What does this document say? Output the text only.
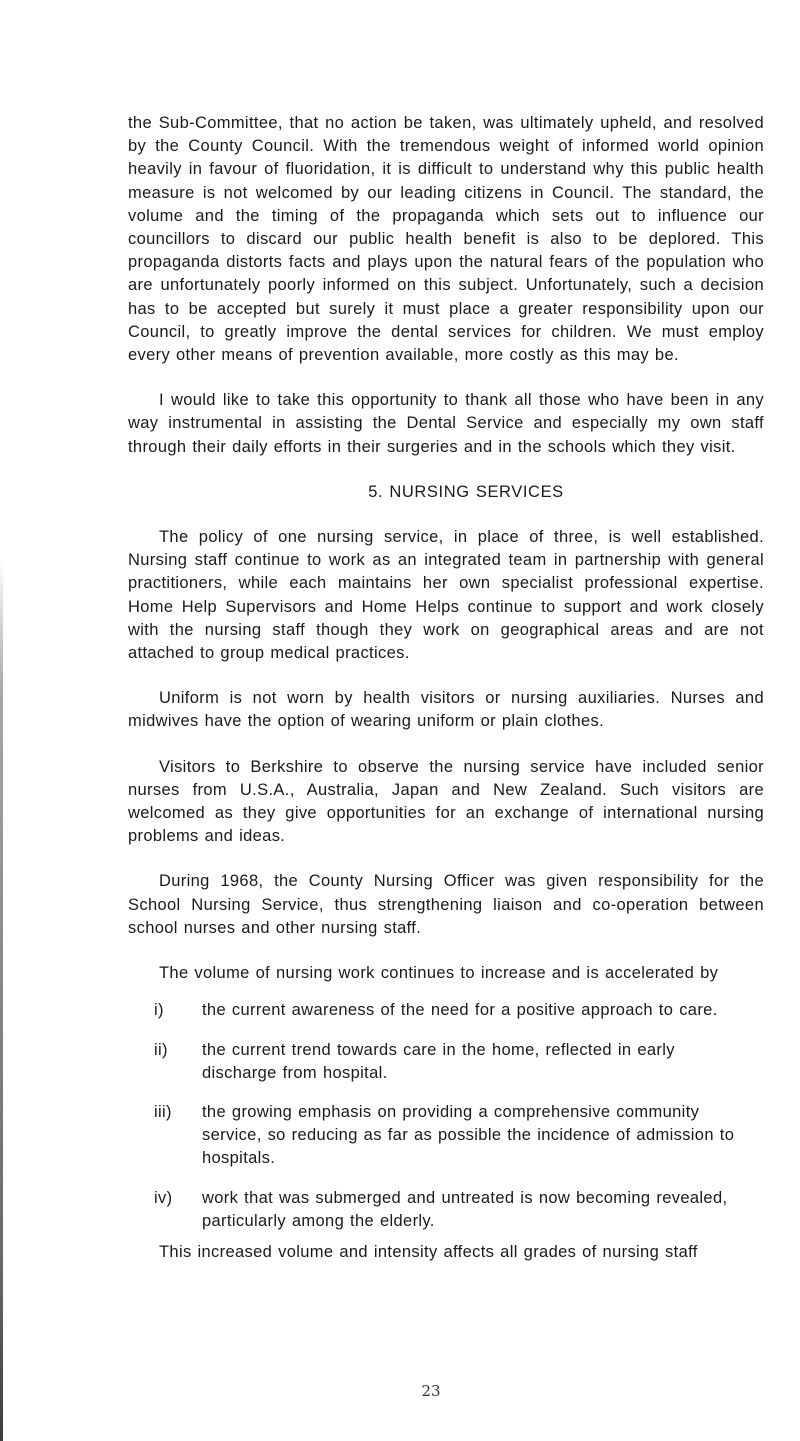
the Sub-Committee, that no action be taken, was ultimately upheld, and resolved by the County Council. With the tremendous weight of informed world opinion heavily in favour of fluoridation, it is difficult to understand why this public health measure is not welcomed by our leading citizens in Council. The standard, the volume and the timing of the propaganda which sets out to influence our councillors to discard our public health benefit is also to be deplored. This propaganda distorts facts and plays upon the natural fears of the population who are unfortunately poorly informed on this subject. Unfortunately, such a decision has to be accepted but surely it must place a greater responsibility upon our Council, to greatly improve the dental services for children. We must employ every other means of prevention available, more costly as this may be.

I would like to take this opportunity to thank all those who have been in any way instrumental in assisting the Dental Service and especially my own staff through their daily efforts in their surgeries and in the schools which they visit.

5. NURSING SERVICES

The policy of one nursing service, in place of three, is well established. Nursing staff continue to work as an integrated team in partnership with general practitioners, while each maintains her own specialist professional expertise. Home Help Supervisors and Home Helps continue to support and work closely with the nursing staff though they work on geographical areas and are not attached to group medical practices.

Uniform is not worn by health visitors or nursing auxiliaries. Nurses and midwives have the option of wearing uniform or plain clothes.

Visitors to Berkshire to observe the nursing service have included senior nurses from U.S.A., Australia, Japan and New Zealand. Such visitors are welcomed as they give opportunities for an exchange of international nursing problems and ideas.

During 1968, the County Nursing Officer was given responsibility for the School Nursing Service, thus strengthening liaison and co-operation between school nurses and other nursing staff.

The volume of nursing work continues to increase and is accelerated by

i)	the current awareness of the need for a positive approach to care.
ii)	the current trend towards care in the home, reflected in early discharge from hospital.
iii)	the growing emphasis on providing a comprehensive community service, so reducing as far as possible the incidence of admission to hospitals.
iv)	work that was submerged and untreated is now becoming revealed, particularly among the elderly.

This increased volume and intensity affects all grades of nursing staff

23
